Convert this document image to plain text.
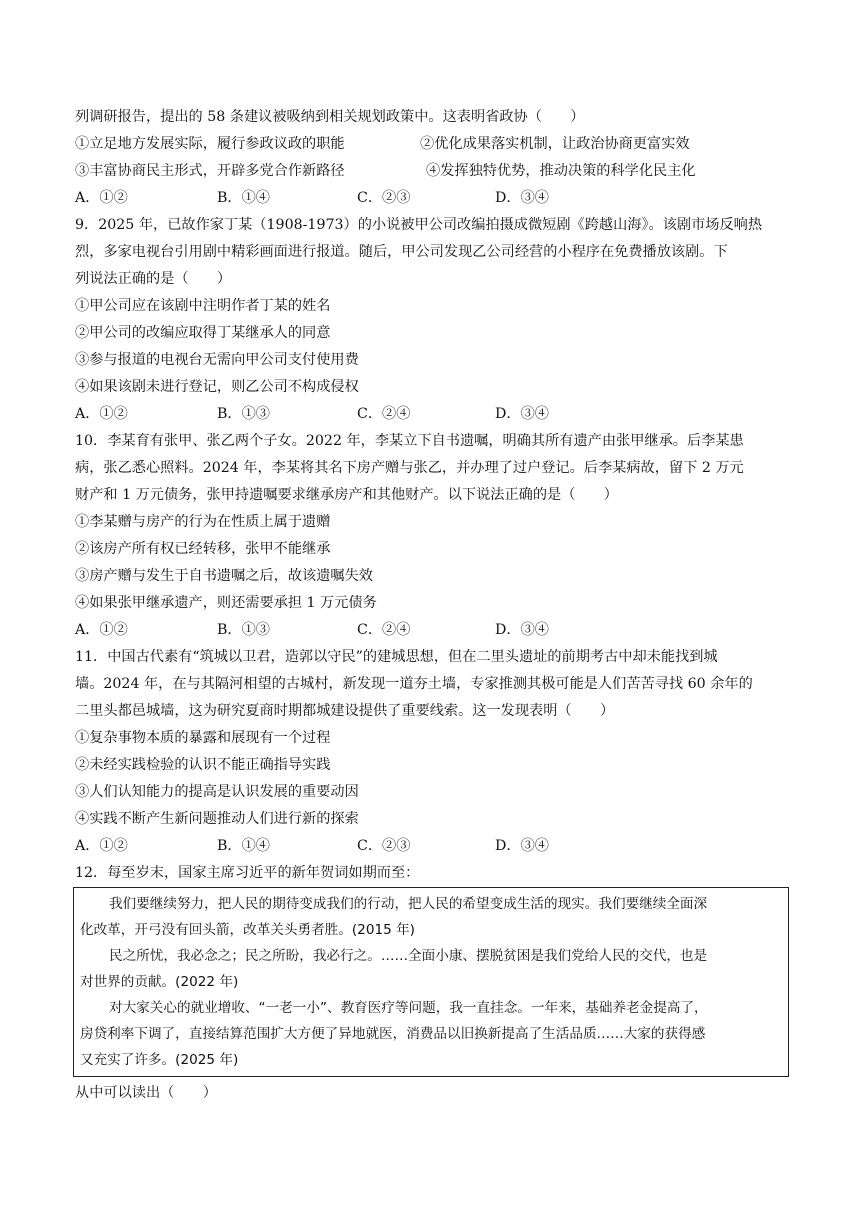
列调研报告，提出的 58 条建议被吸纳到相关规划政策中。这表明省政协（　　）
①立足地方发展实际，履行参政议政的职能	②优化成果落实机制，让政治协商更富实效
③丰富协商民主形式，开辟多党合作新路径	④发挥独特优势，推动决策的科学化民主化
A．①②	B．①④	C．②③	D．③④
9．2025 年，已故作家丁某（1908-1973）的小说被甲公司改编拍摄成微短剧《跨越山海》。该剧市场反响热
烈，多家电视台引用剧中精彩画面进行报道。随后，甲公司发现乙公司经营的小程序在免费播放该剧。下
列说法正确的是（　　）
①甲公司应在该剧中注明作者丁某的姓名
②甲公司的改编应取得丁某继承人的同意
③参与报道的电视台无需向甲公司支付使用费
④如果该剧未进行登记，则乙公司不构成侵权
A．①②	B．①③	C．②④	D．③④
10．李某育有张甲、张乙两个子女。2022 年，李某立下自书遗嘱，明确其所有遗产由张甲继承。后李某患
病，张乙悉心照料。2024 年，李某将其名下房产赠与张乙，并办理了过户登记。后李某病故，留下 2 万元
财产和 1 万元债务，张甲持遗嘱要求继承房产和其他财产。以下说法正确的是（　　）
①李某赠与房产的行为在性质上属于遗赠
②该房产所有权已经转移，张甲不能继承
③房产赠与发生于自书遗嘱之后，故该遗嘱失效
④如果张甲继承遗产，则还需要承担 1 万元债务
A．①②	B．①③	C．②④	D．③④
11．中国古代素有“筑城以卫君，造郭以守民”的建城思想，但在二里头遗址的前期考古中却未能找到城
墙。2024 年，在与其隔河相望的古城村，新发现一道夯土墙，专家推测其极可能是人们苦苦寻找 60 余年的
二里头都邑城墙，这为研究夏商时期都城建设提供了重要线索。这一发现表明（　　）
①复杂事物本质的暴露和展现有一个过程
②未经实践检验的认识不能正确指导实践
③人们认知能力的提高是认识发展的重要动因
④实践不断产生新问题推动人们进行新的探索
A．①②	B．①④	C．②③	D．③④
12．每至岁末，国家主席习近平的新年贺词如期而至：
我们要继续努力，把人民的期待变成我们的行动，把人民的希望变成生活的现实。我们要继续全面深
化改革，开弓没有回头箭，改革关头勇者胜。(2015 年)
民之所忧，我必念之；民之所盼，我必行之。……全面小康、摆脱贫困是我们党给人民的交代，也是
对世界的贡献。(2022 年)
对大家关心的就业增收、“一老一小”、教育医疗等问题，我一直挂念。一年来，基础养老金提高了，
房贷利率下调了，直接结算范围扩大方便了异地就医，消费品以旧换新提高了生活品质……大家的获得感
又充实了许多。(2025 年)
从中可以读出（　　）
